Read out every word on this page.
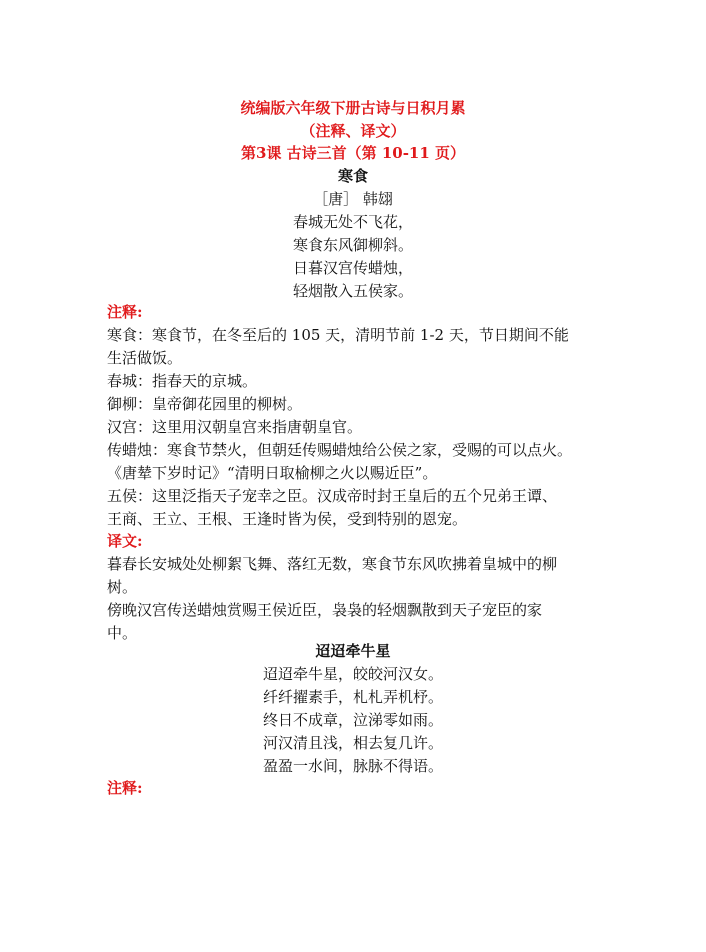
统编版六年级下册古诗与日积月累
（注释、译文）
第3课 古诗三首（第 10-11 页）
寒食
［唐］ 韩翃
春城无处不飞花，
寒食东风御柳斜。
日暮汉宫传蜡烛，
轻烟散入五侯家。
注释:
寒食：寒食节，在冬至后的 105 天，清明节前 1-2 天，节日期间不能
生活做饭。
春城：指春天的京城。
御柳：皇帝御花园里的柳树。
汉宫：这里用汉朝皇宫来指唐朝皇官。
传蜡烛：寒食节禁火，但朝廷传赐蜡烛给公侯之家，受赐的可以点火。
《唐辇下岁时记》“清明日取榆柳之火以赐近臣”。
五侯：这里泛指天子宠幸之臣。汉成帝时封王皇后的五个兄弟王谭、
王商、王立、王根、王逢时皆为侯，受到特别的恩宠。
译文:
暮春长安城处处柳絮飞舞、落红无数，寒食节东风吹拂着皇城中的柳
树。
傍晚汉宫传送蜡烛赏赐王侯近臣，袅袅的轻烟飘散到天子宠臣的家
中。
迢迢牵牛星
迢迢牵牛星，皎皎河汉女。
纤纤擢素手，札札弄机杼。
终日不成章，泣涕零如雨。
河汉清且浅，相去复几许。
盈盈一水间，脉脉不得语。
注释:
